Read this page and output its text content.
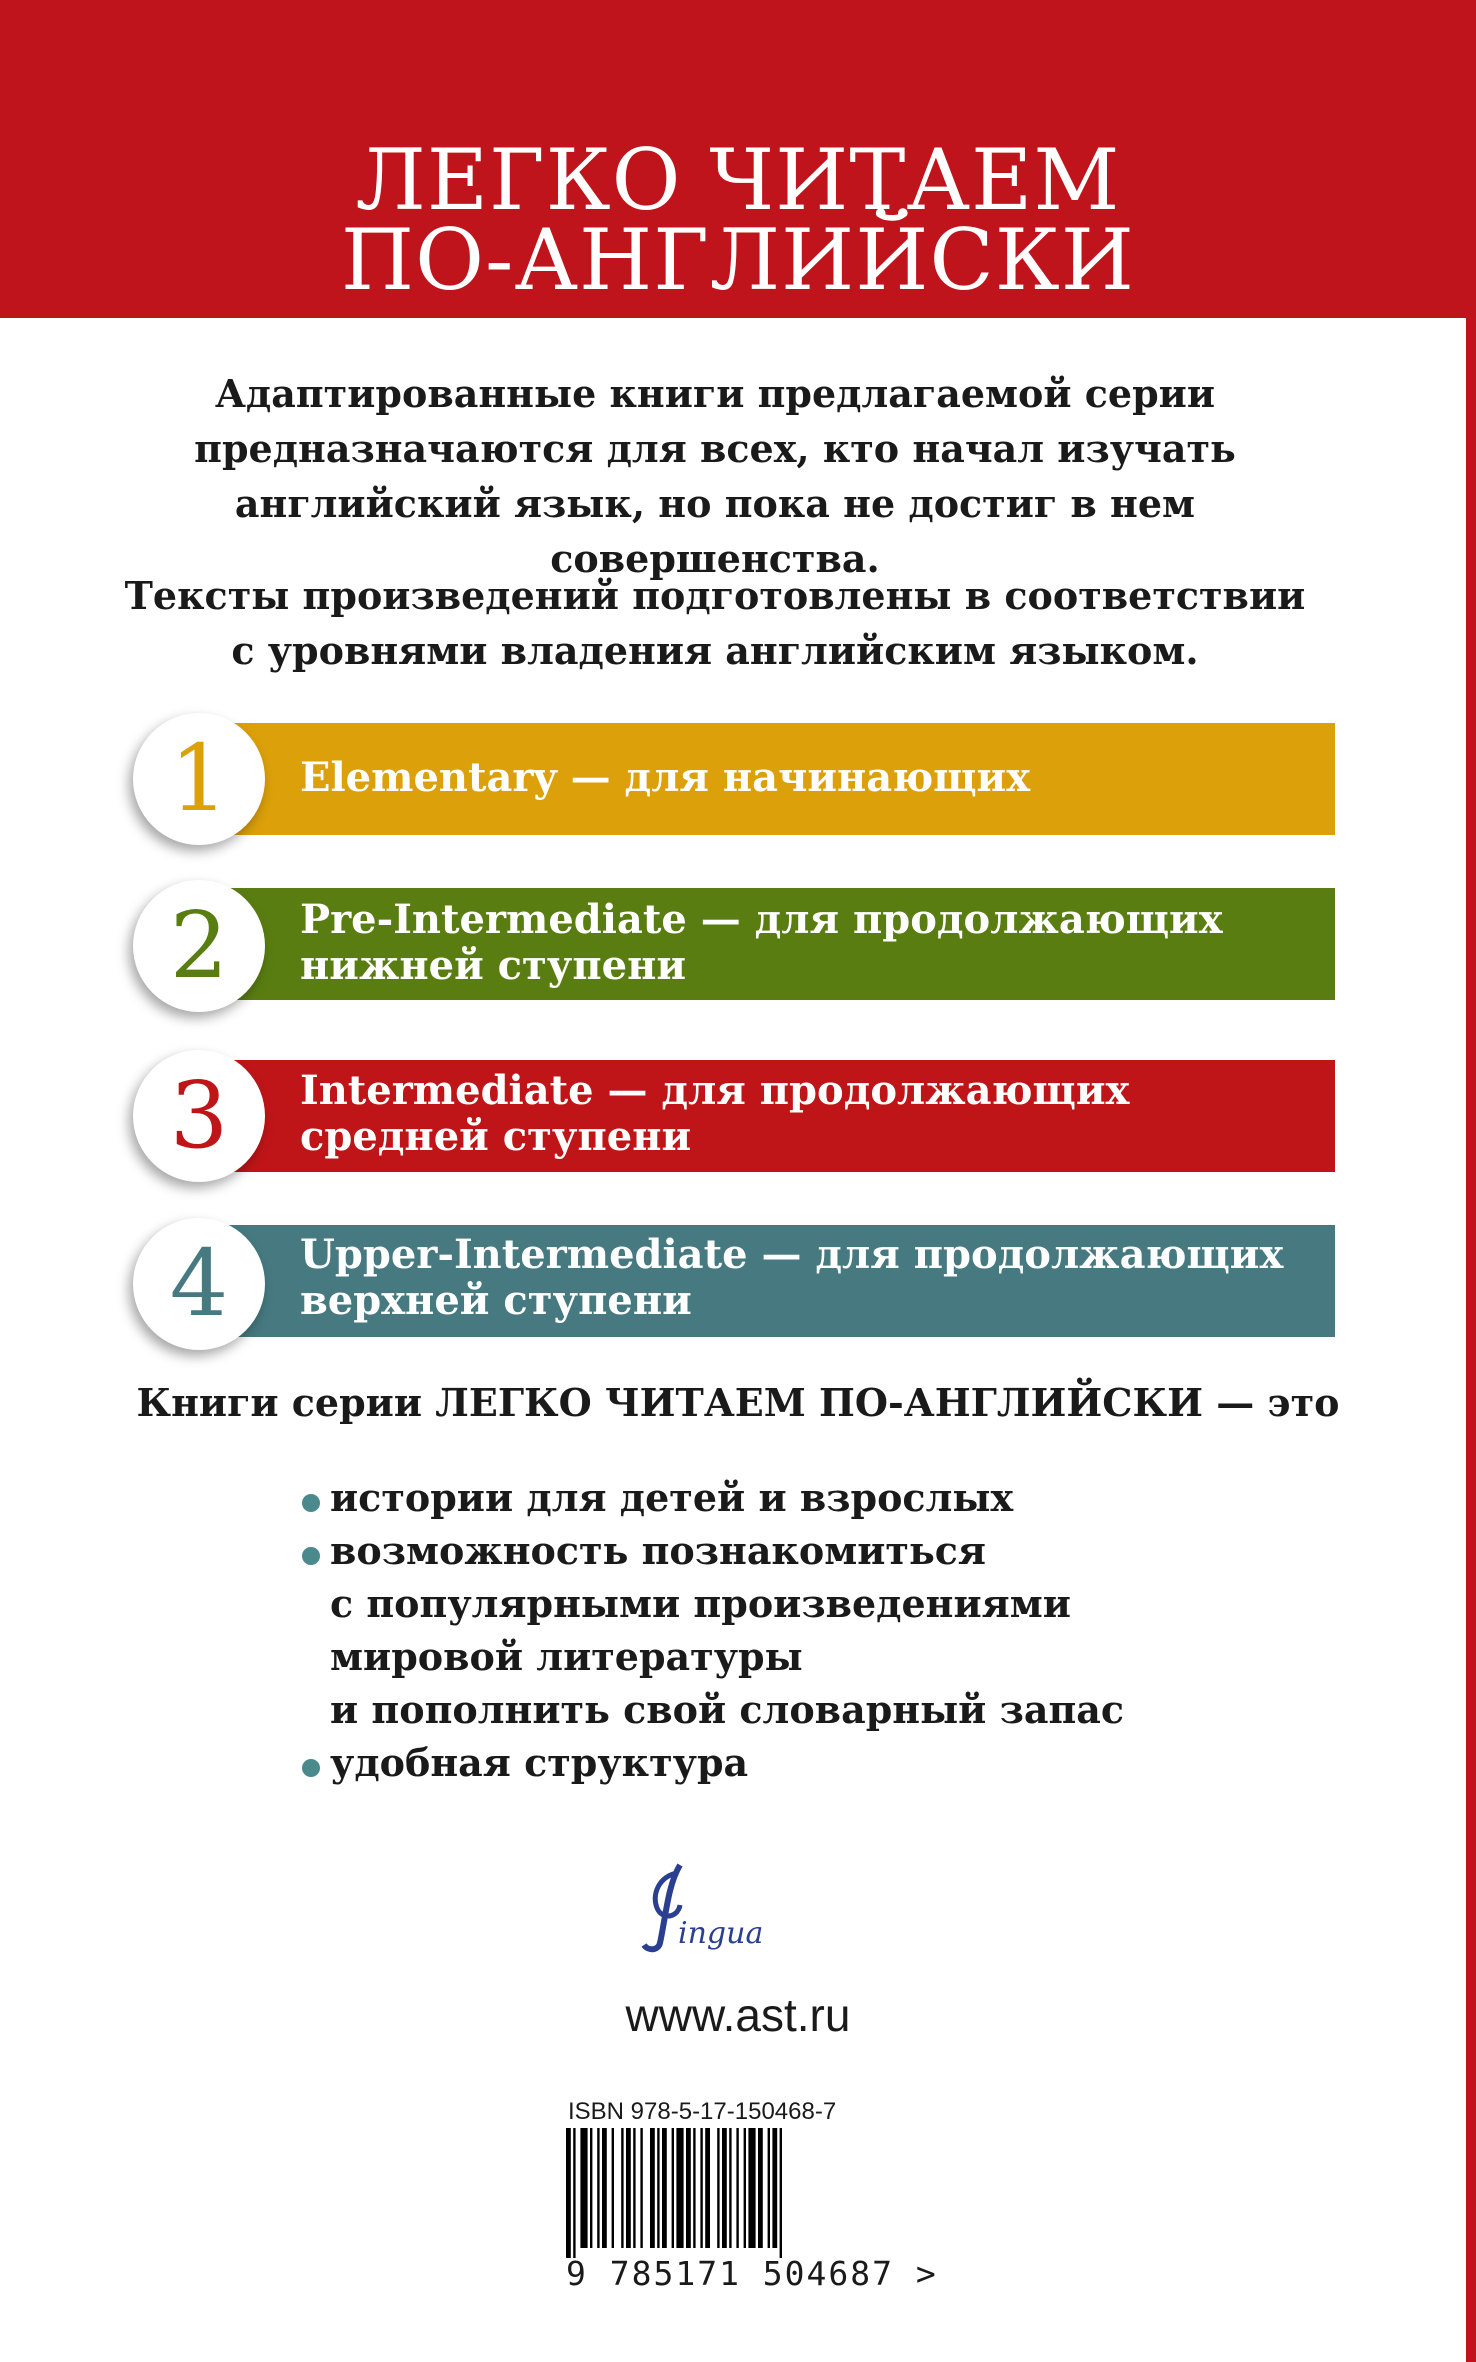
ЛЕГКО ЧИТАЕМ
ПО-АНГЛИЙСКИ
Адаптированные книги предлагаемой серии
предназначаются для всех, кто начал изучать
английский язык, но пока не достиг в нем
совершенства.
Тексты произведений подготовлены в соответствии
с уровнями владения английским языком.
1	Elementary — для начинающих
2	Pre-Intermediate — для продолжающих
нижней ступени
3	Intermediate — для продолжающих
средней ступени
4	Upper-Intermediate — для продолжающих
верхней ступени
Книги серии ЛЕГКО ЧИТАЕМ ПО-АНГЛИЙСКИ — это
истории для детей и взрослых
возможность познакомиться
с популярными произведениями
мировой литературы
и пополнить свой словарный запас
удобная структура
ingua
www.ast.ru
ISBN 978-5-17-150468-7
9 785171 504687 >
